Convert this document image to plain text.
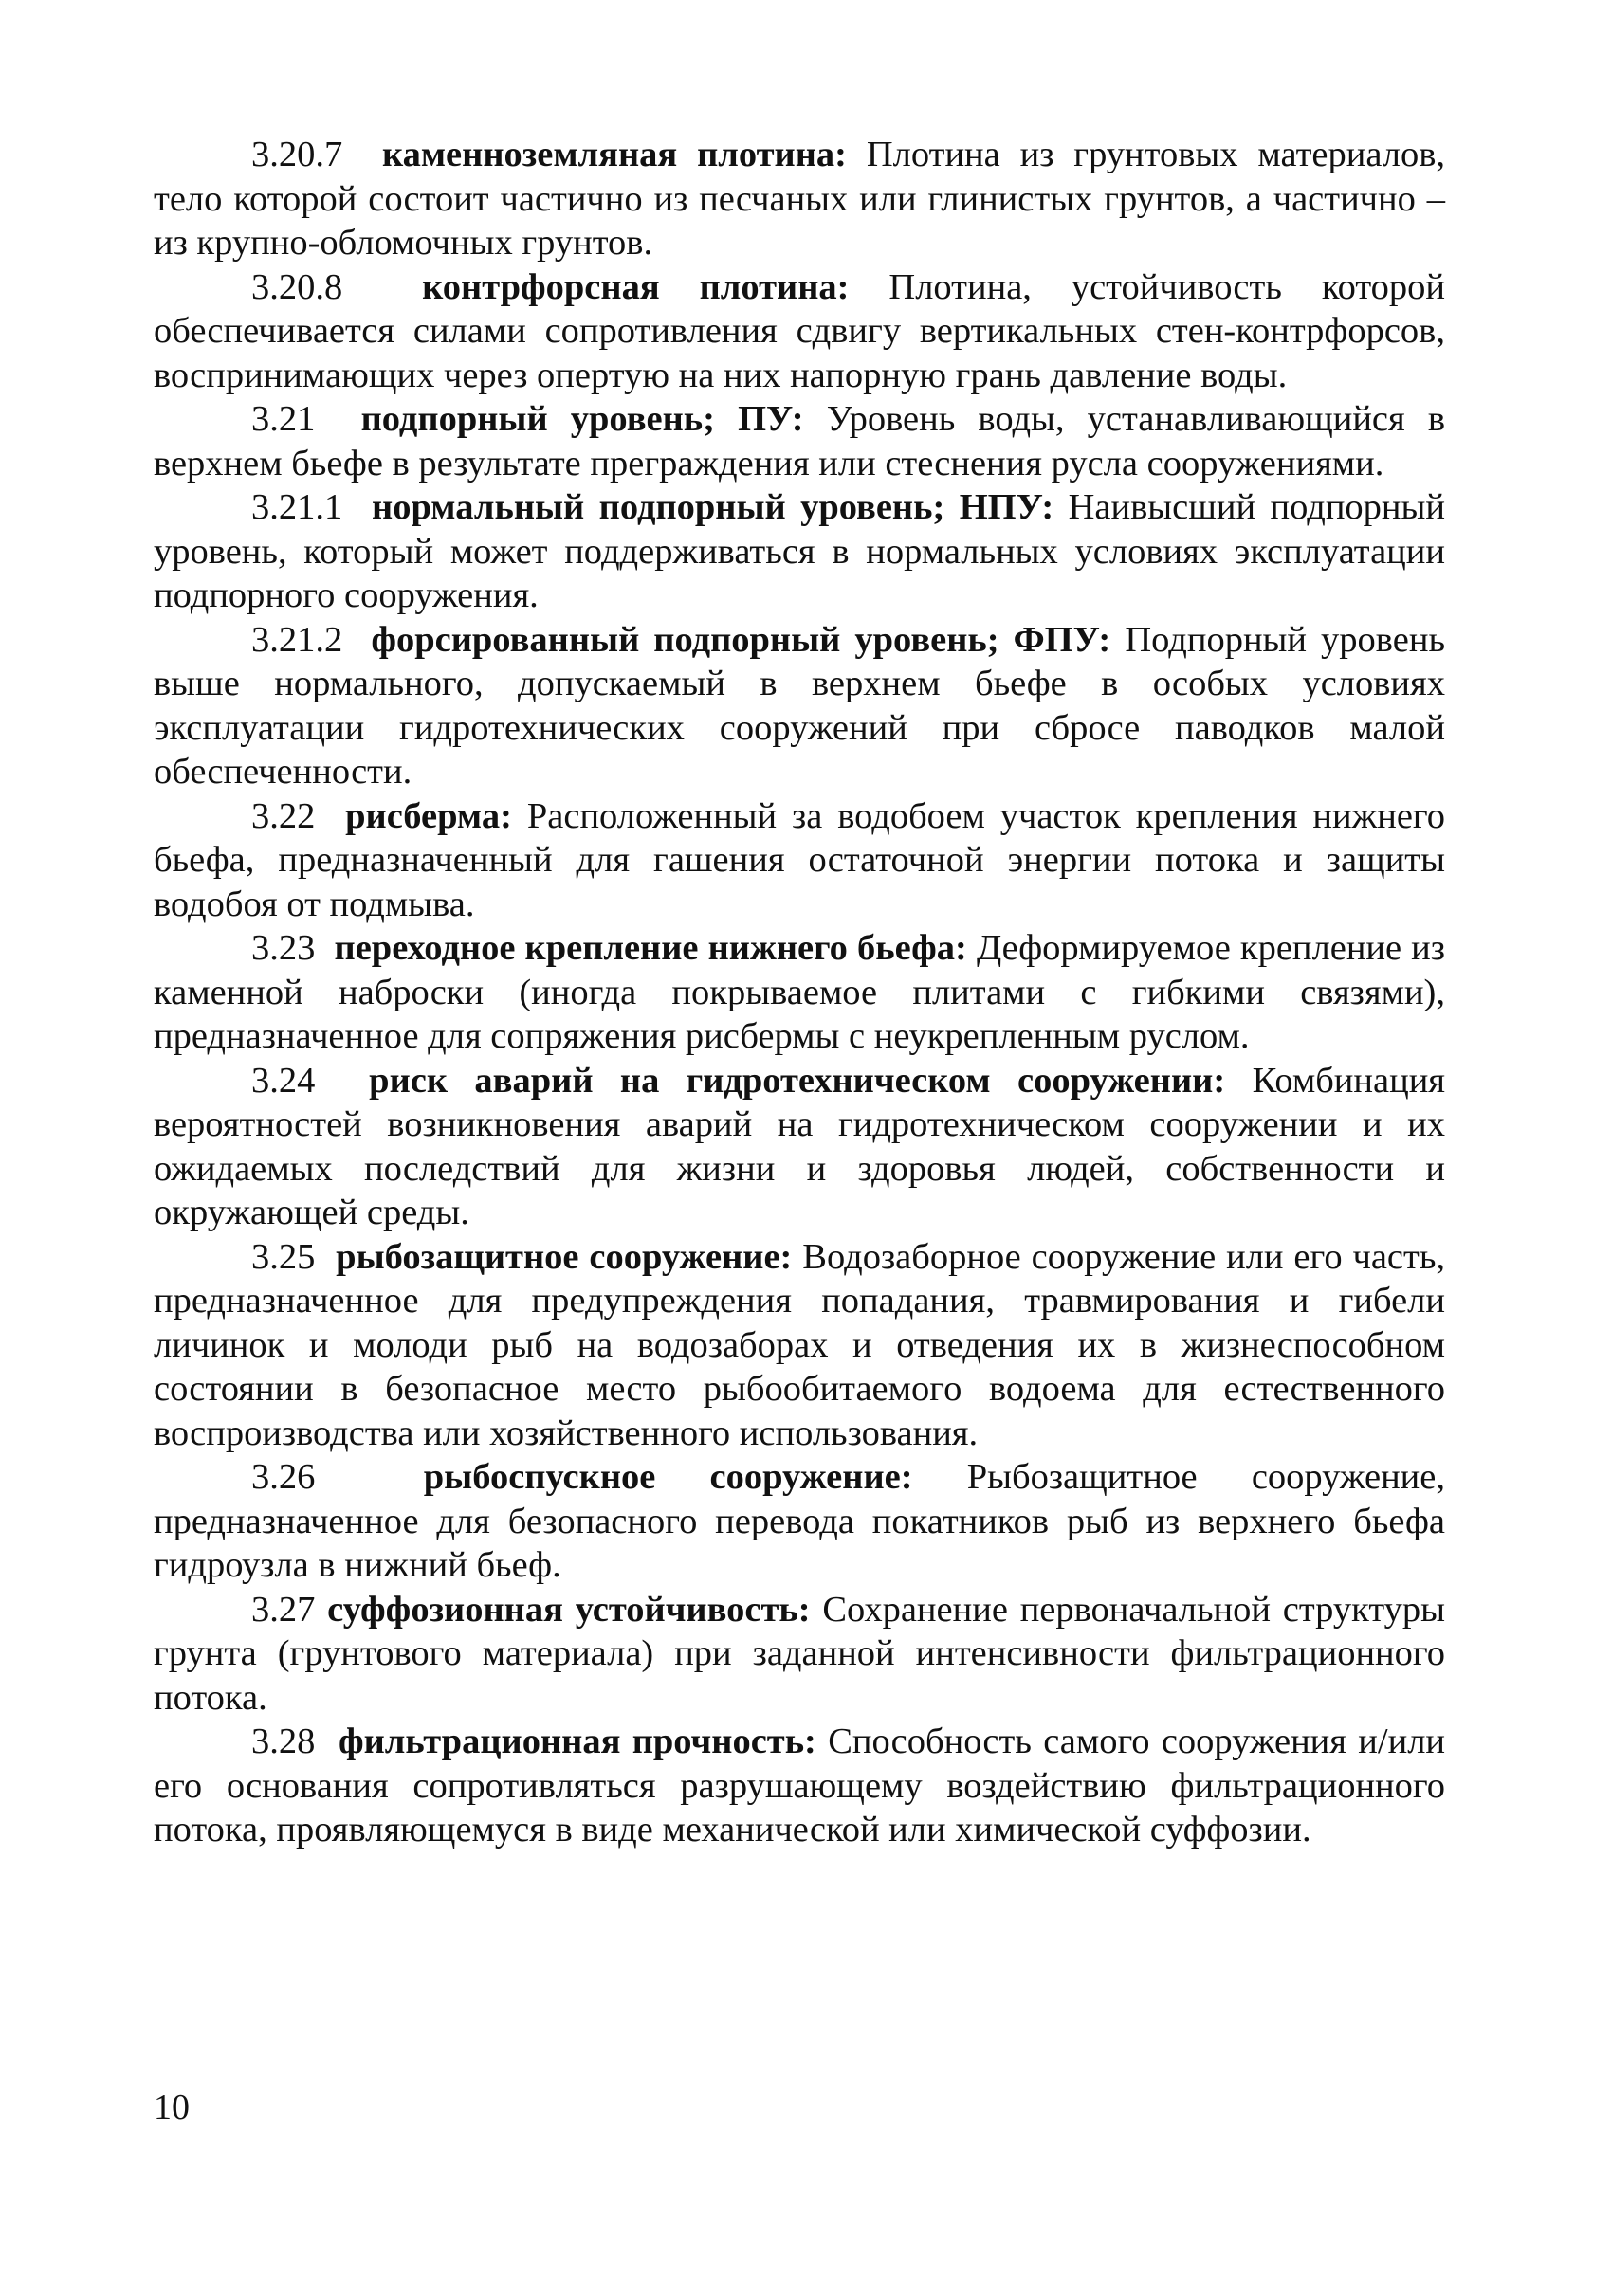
3.20.7 каменноземляная плотина: Плотина из грунтовых материалов, тело которой состоит частично из песчаных или глинистых грунтов, а частично – из крупно-обломочных грунтов.

3.20.8 контрфорсная плотина: Плотина, устойчивость которой обеспечивается силами сопротивления сдвигу вертикальных стен-контрфорсов, воспринимающих через опертую на них напорную грань давление воды.

3.21 подпорный уровень; ПУ: Уровень воды, устанавливающийся в верхнем бьефе в результате преграждения или стеснения русла сооружениями.

3.21.1 нормальный подпорный уровень; НПУ: Наивысший подпорный уровень, который может поддерживаться в нормальных условиях эксплуатации подпорного сооружения.

3.21.2 форсированный подпорный уровень; ФПУ: Подпорный уровень выше нормального, допускаемый в верхнем бьефе в особых условиях эксплуатации гидротехнических сооружений при сбросе паводков малой обеспеченности.

3.22 рисберма: Расположенный за водобоем участок крепления нижнего бьефа, предназначенный для гашения остаточной энергии потока и защиты водобоя от подмыва.

3.23 переходное крепление нижнего бьефа: Деформируемое крепление из каменной наброски (иногда покрываемое плитами с гибкими связями), предназначенное для сопряжения рисбермы с неукрепленным руслом.

3.24 риск аварий на гидротехническом сооружении: Комбинация вероятностей возникновения аварий на гидротехническом сооружении и их ожидаемых последствий для жизни и здоровья людей, собственности и окружающей среды.

3.25 рыбозащитное сооружение: Водозаборное сооружение или его часть, предназначенное для предупреждения попадания, травмирования и гибели личинок и молоди рыб на водозаборах и отведения их в жизнеспособном состоянии в безопасное место рыбообитаемого водоема для естественного воспроизводства или хозяйственного использования.

3.26	рыбоспускное сооружение: Рыбозащитное сооружение, предназначенное для безопасного перевода покатников рыб из верхнего бьефа гидроузла в нижний бьеф.

3.27 суффозионная устойчивость: Сохранение первоначальной структуры грунта (грунтового материала) при заданной интенсивности фильтрационного потока.

3.28 фильтрационная прочность: Способность самого сооружения и/или его основания сопротивляться разрушающему воздействию фильтрационного потока, проявляющемуся в виде механической или химической суффозии.

10
